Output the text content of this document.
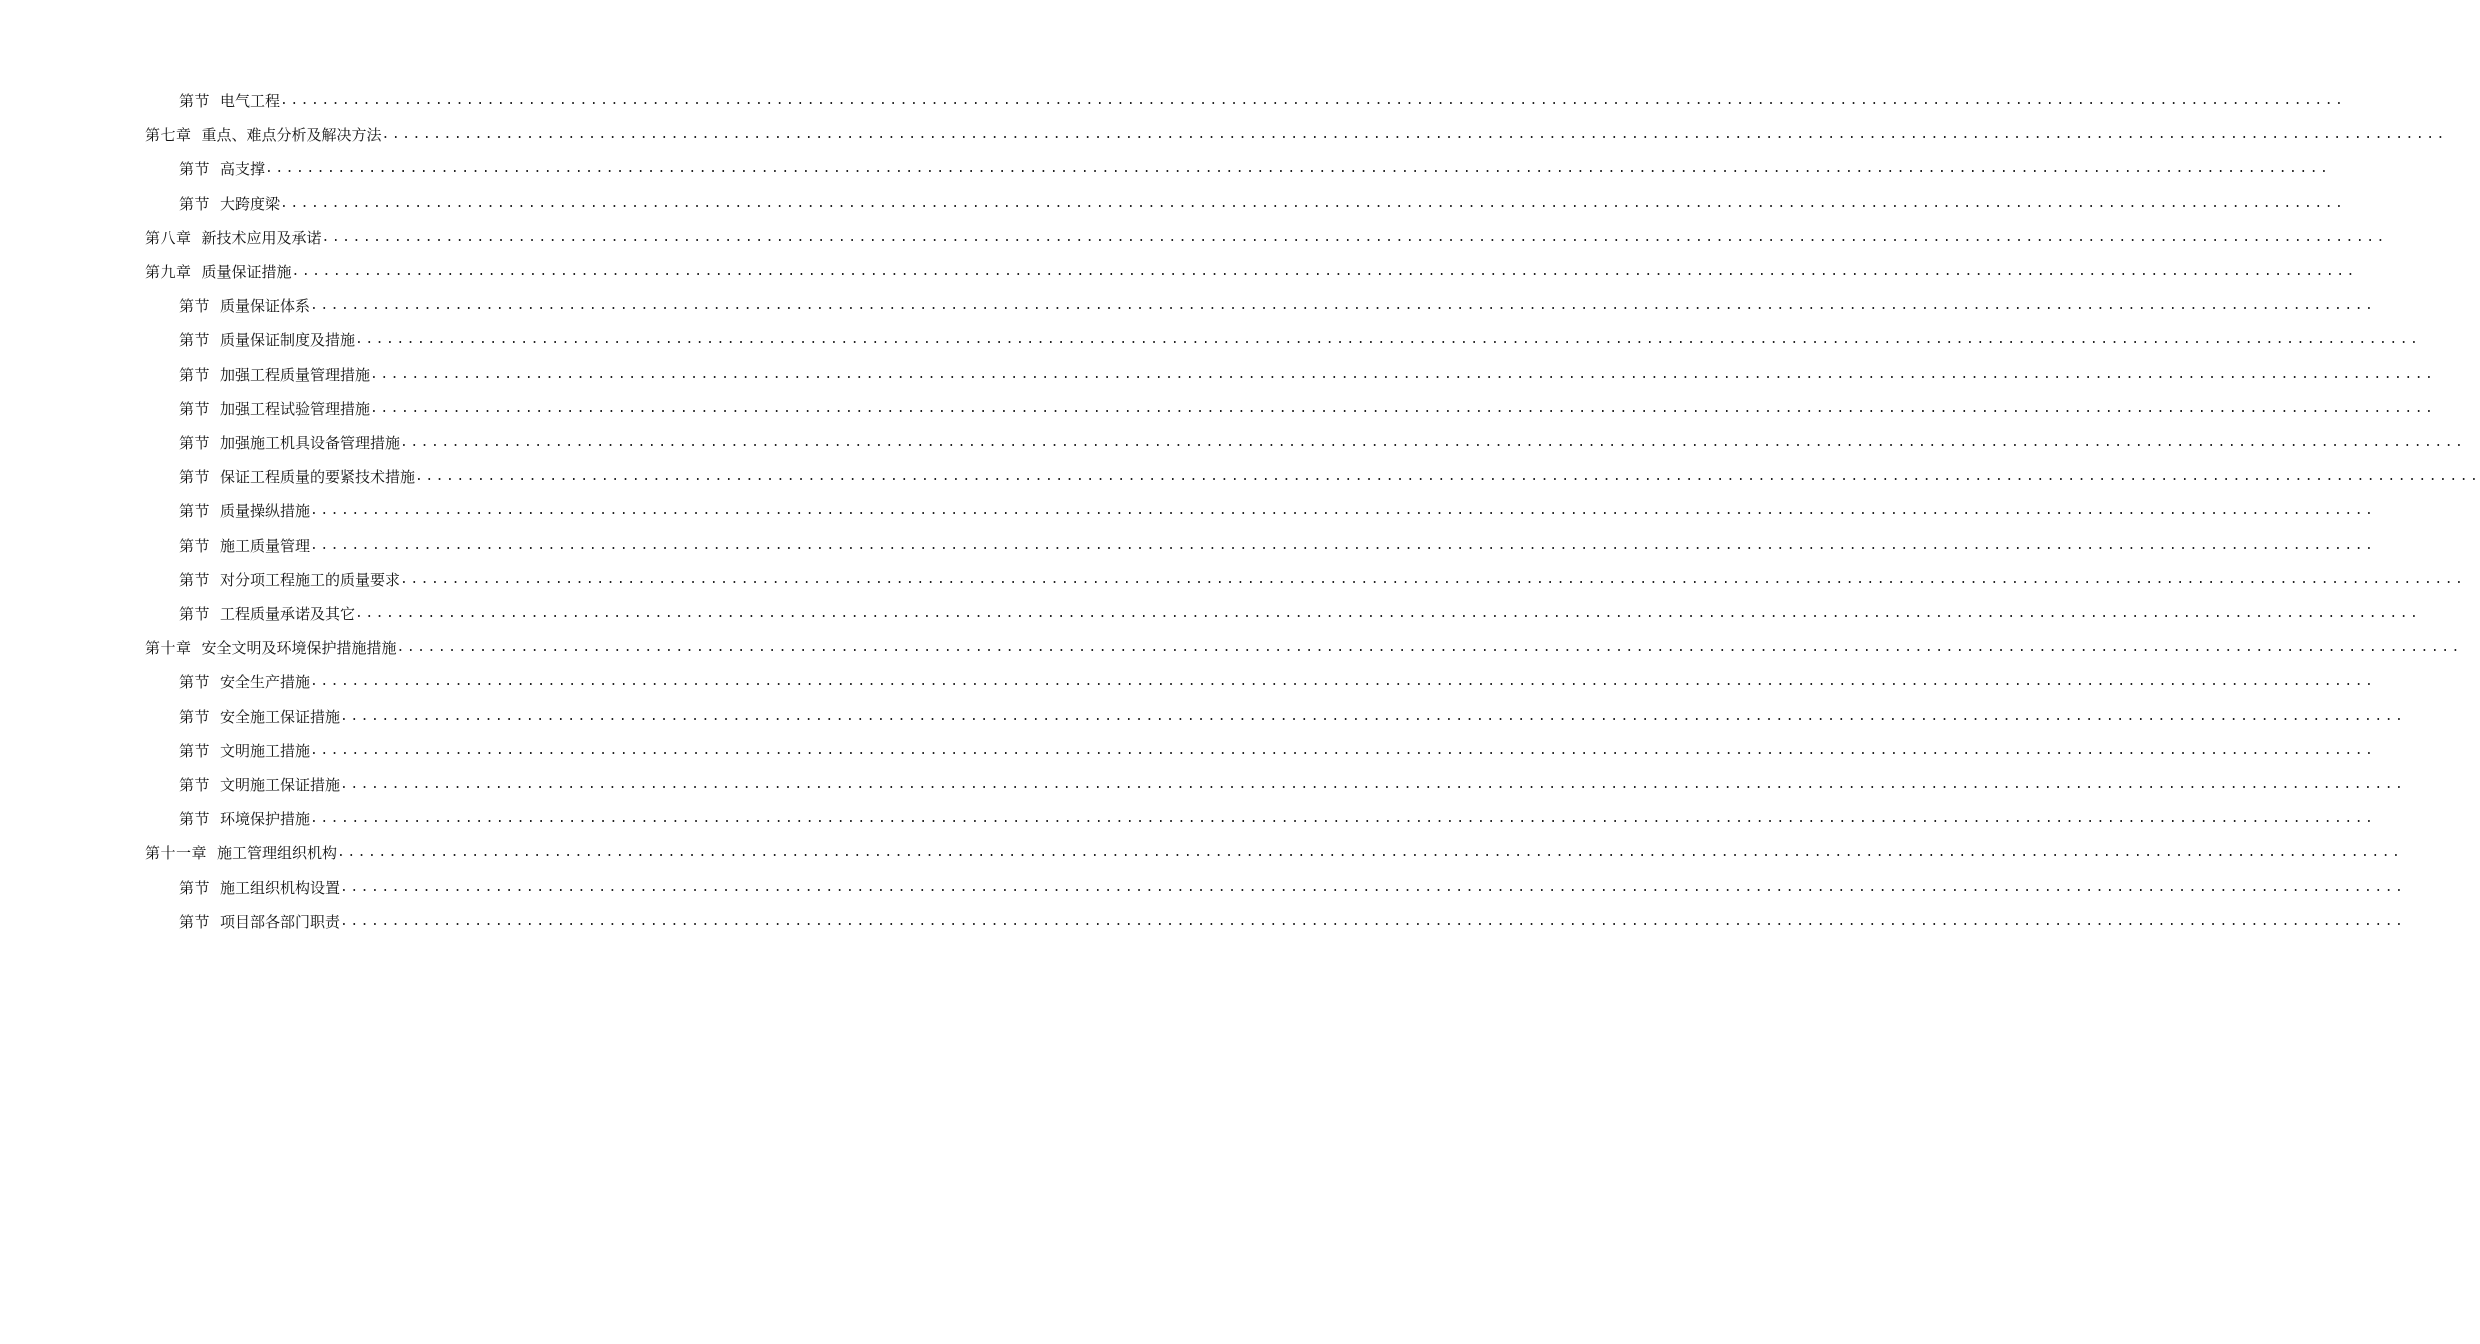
第节 电气工程 ........................................................................................................................................................................................................
第七章 重点、难点分析及解决方法 ........................................................................................................................................................................................................
第节 高支撑 ........................................................................................................................................................................................................
第节 大跨度梁 ........................................................................................................................................................................................................
第八章 新技术应用及承诺 ........................................................................................................................................................................................................
第九章 质量保证措施 ........................................................................................................................................................................................................
第节 质量保证体系 ........................................................................................................................................................................................................
第节 质量保证制度及措施 ........................................................................................................................................................................................................
第节 加强工程质量管理措施 ........................................................................................................................................................................................................
第节 加强工程试验管理措施 ........................................................................................................................................................................................................
第节 加强施工机具设备管理措施 ........................................................................................................................................................................................................
第节 保证工程质量的要紧技术措施 ........................................................................................................................................................................................................
第节 质量操纵措施 ........................................................................................................................................................................................................
第节 施工质量管理 ........................................................................................................................................................................................................
第节 对分项工程施工的质量要求 ........................................................................................................................................................................................................
第节 工程质量承诺及其它 ........................................................................................................................................................................................................
第十章 安全文明及环境保护措施措施 ........................................................................................................................................................................................................
第节 安全生产措施 ........................................................................................................................................................................................................
第节 安全施工保证措施 ........................................................................................................................................................................................................
第节 文明施工措施 ........................................................................................................................................................................................................
第节 文明施工保证措施 ........................................................................................................................................................................................................
第节 环境保护措施 ........................................................................................................................................................................................................
第十一章 施工管理组织机构 ........................................................................................................................................................................................................
第节 施工组织机构设置 ........................................................................................................................................................................................................
第节 项目部各部门职责 ........................................................................................................................................................................................................
